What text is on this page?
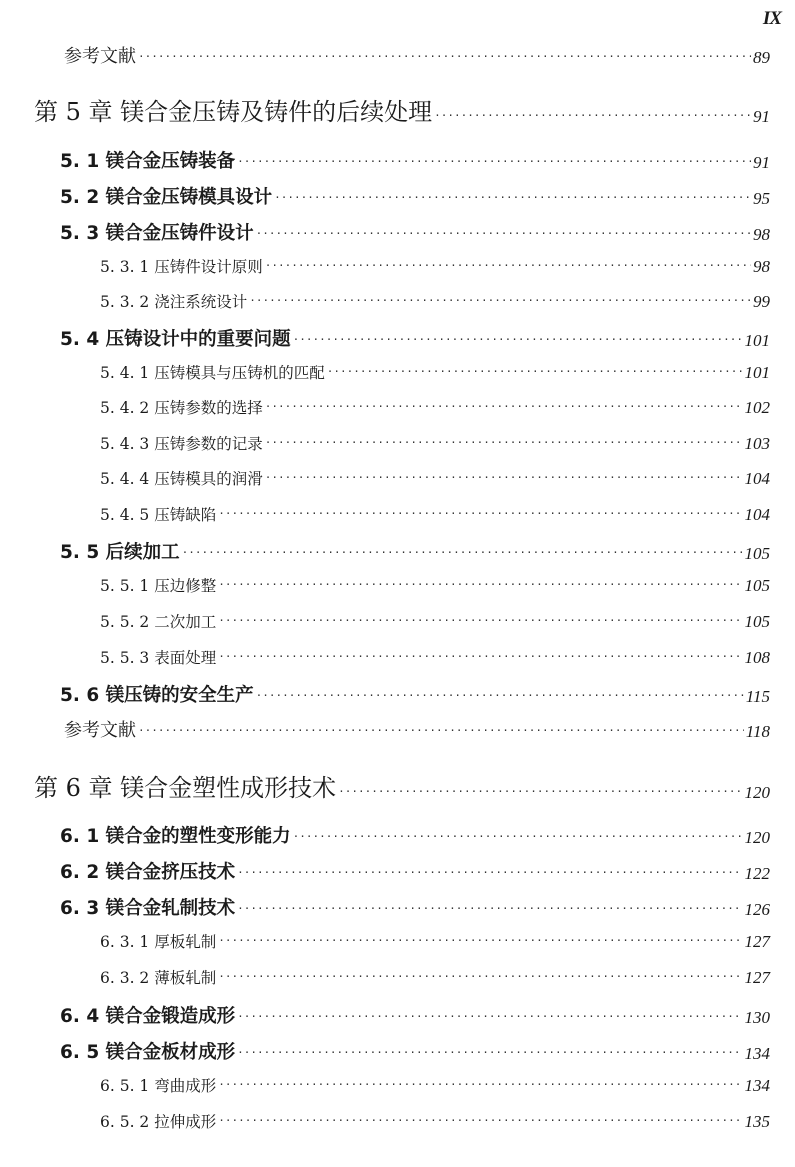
IX
参考文献 ·····	89
第 5 章 镁合金压铸及铸件的后续处理 ·····	91
5. 1 镁合金压铸装备 ·····	91
5. 2 镁合金压铸模具设计 ·····	95
5. 3 镁合金压铸件设计 ·····	98
5. 3. 1 压铸件设计原则 ·····	98
5. 3. 2 浇注系统设计 ·····	99
5. 4 压铸设计中的重要问题 ·····	101
5. 4. 1 压铸模具与压铸机的匹配 ·····	101
5. 4. 2 压铸参数的选择 ·····	102
5. 4. 3 压铸参数的记录 ·····	103
5. 4. 4 压铸模具的润滑 ·····	104
5. 4. 5 压铸缺陷 ·····	104
5. 5 后续加工 ·····	105
5. 5. 1 压边修整 ·····	105
5. 5. 2 二次加工 ·····	105
5. 5. 3 表面处理 ·····	108
5. 6 镁压铸的安全生产 ·····	115
参考文献 ·····	118
第 6 章 镁合金塑性成形技术 ·····	120
6. 1 镁合金的塑性变形能力 ·····	120
6. 2 镁合金挤压技术 ·····	122
6. 3 镁合金轧制技术 ·····	126
6. 3. 1 厚板轧制 ·····	127
6. 3. 2 薄板轧制 ·····	127
6. 4 镁合金锻造成形 ·····	130
6. 5 镁合金板材成形 ·····	134
6. 5. 1 弯曲成形 ·····	134
6. 5. 2 拉伸成形 ·····	135
